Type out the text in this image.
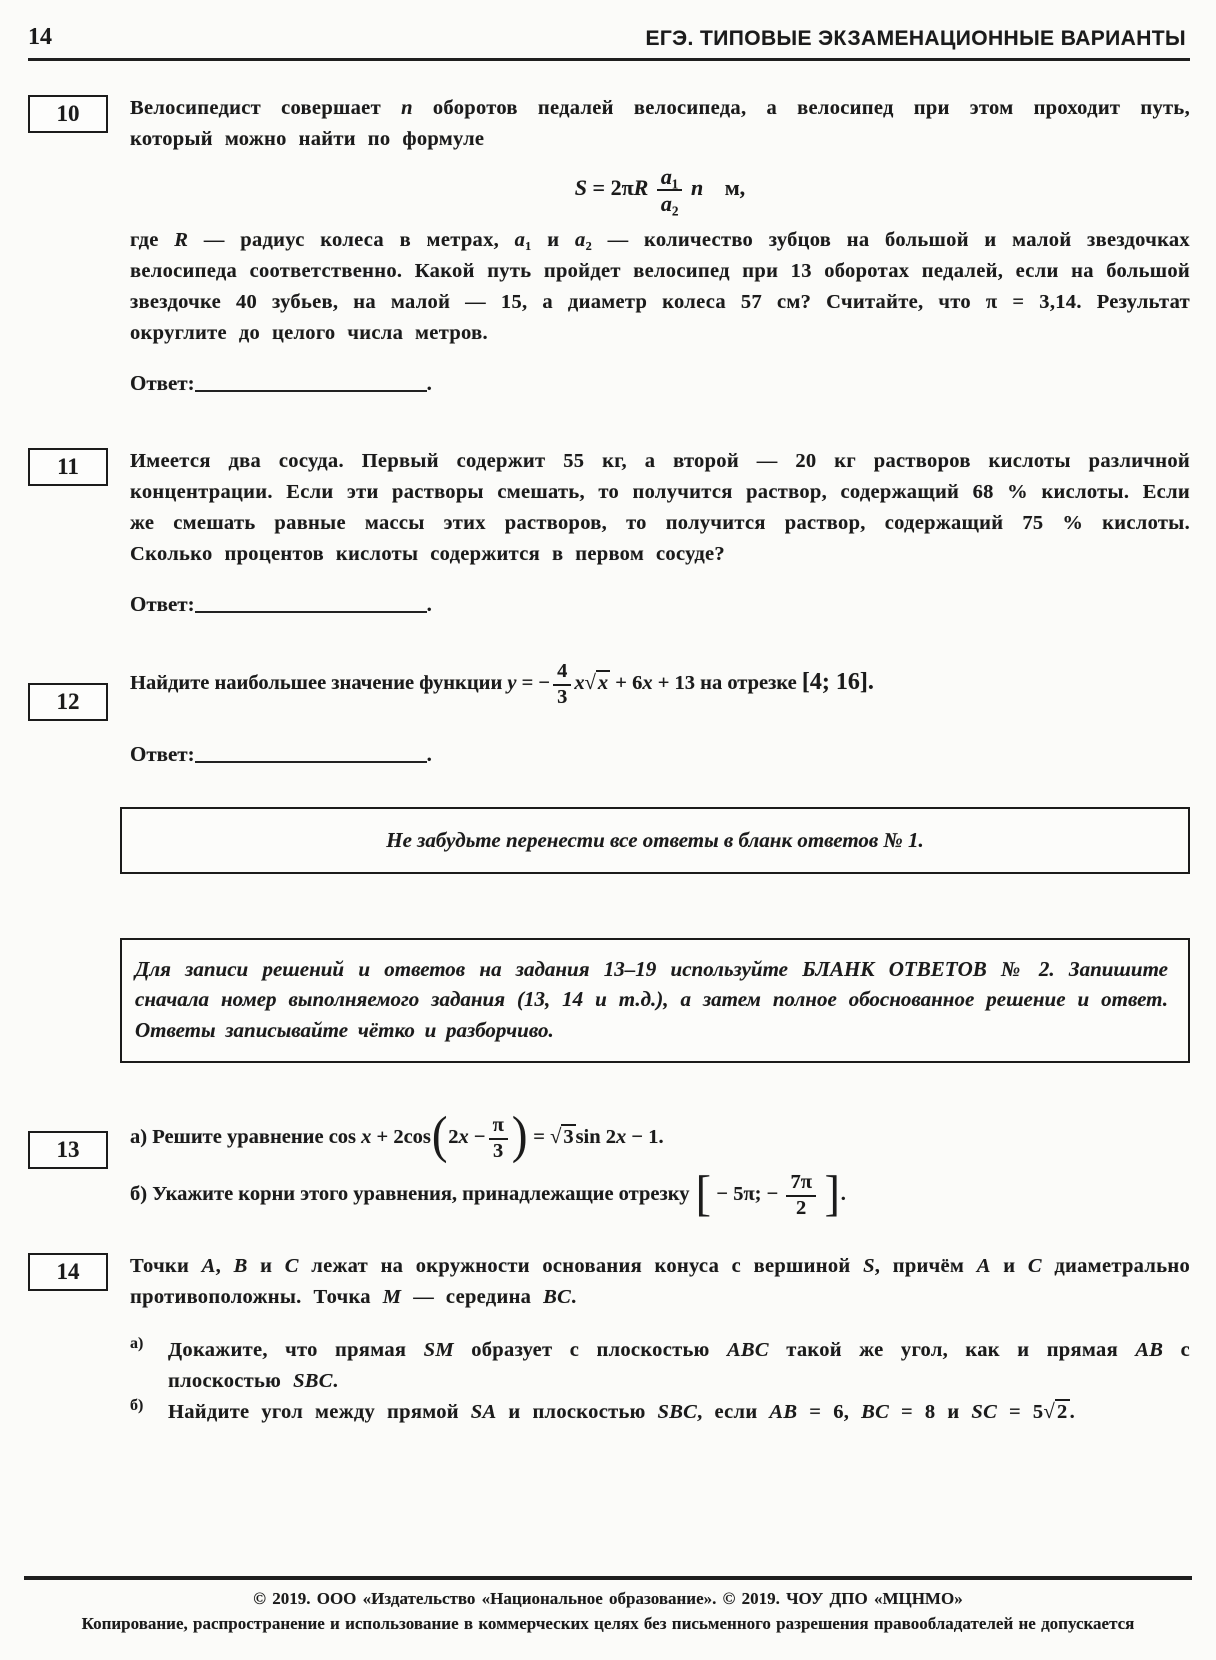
14	ЕГЭ. ТИПОВЫЕ ЭКЗАМЕНАЦИОННЫЕ ВАРИАНТЫ
10	Велосипедист совершает n оборотов педалей велосипеда, а велосипед при этом проходит путь, который можно найти по формуле
$S = 2\pi R \frac{\text{a₁}}{\text{a₂}}$ n м,
где R — радиус колеса в метрах, a₁ и a₂ — количество зубцов на большой и малой звездочках велосипеда соответственно. Какой путь пройдет велосипед при 13 оборотах педалей, если на большой звездочке 40 зубьев, на малой — 15, а диаметр колеса 57 см? Считайте, что π = 3,14. Результат округлите до целого числа метров.
Ответ:	.
11	Имеется два сосуда. Первый содержит 55 кг, а второй — 20 кг растворов кислоты различной концентрации. Если эти растворы смешать, то получится раствор, содержащий 68 % кислоты. Если же смешать равные массы этих растворов, то получится раствор, содержащий 75 % кислоты. Сколько процентов кислоты содержится в первом сосуде?
Ответ:	.
12
Найдите наибольшее значение функции y = − $\frac{4}{3} x√x + 6x + 13$ на отрезке [4; 16].
Ответ:	.
Не забудьте перенести все ответы в бланк ответов № 1.
Для записи решений и ответов на задания 13–19 используйте БЛАНК ОТВЕТОВ № 2. Запишите сначала номер выполняемого задания (13, 14 и т.д.), а затем полное обоснованное решение и ответ. Ответы записывайте чётко и разборчиво.
13	а) Решите уравнение $\cos x + 2\cos(2x - \frac{\pi}{3}$ ) = √3sin 2x − 1.
б) Укажите корни этого уравнения, принадлежащие отрезку [ − 5π; − $\frac{7\pi}{2}$ ].
14	Точки A, B и C лежат на окружности основания конуса с вершиной S, причём A и C диаметрально противоположны. Точка M — середина BC.
а)	Докажите, что прямая SM образует с плоскостью ABC такой же угол, как и прямая AB с плоскостью SBC.
б)	Найдите угол между прямой SA и плоскостью SBC, если AB = 6, BC = 8 и SC = 5√2.
© 2019. ООО «Издательство «Национальное образование». © 2019. ЧОУ ДПО «МЦНМО»
Копирование, распространение и использование в коммерческих целях без письменного разрешения правообладателей не допускается
